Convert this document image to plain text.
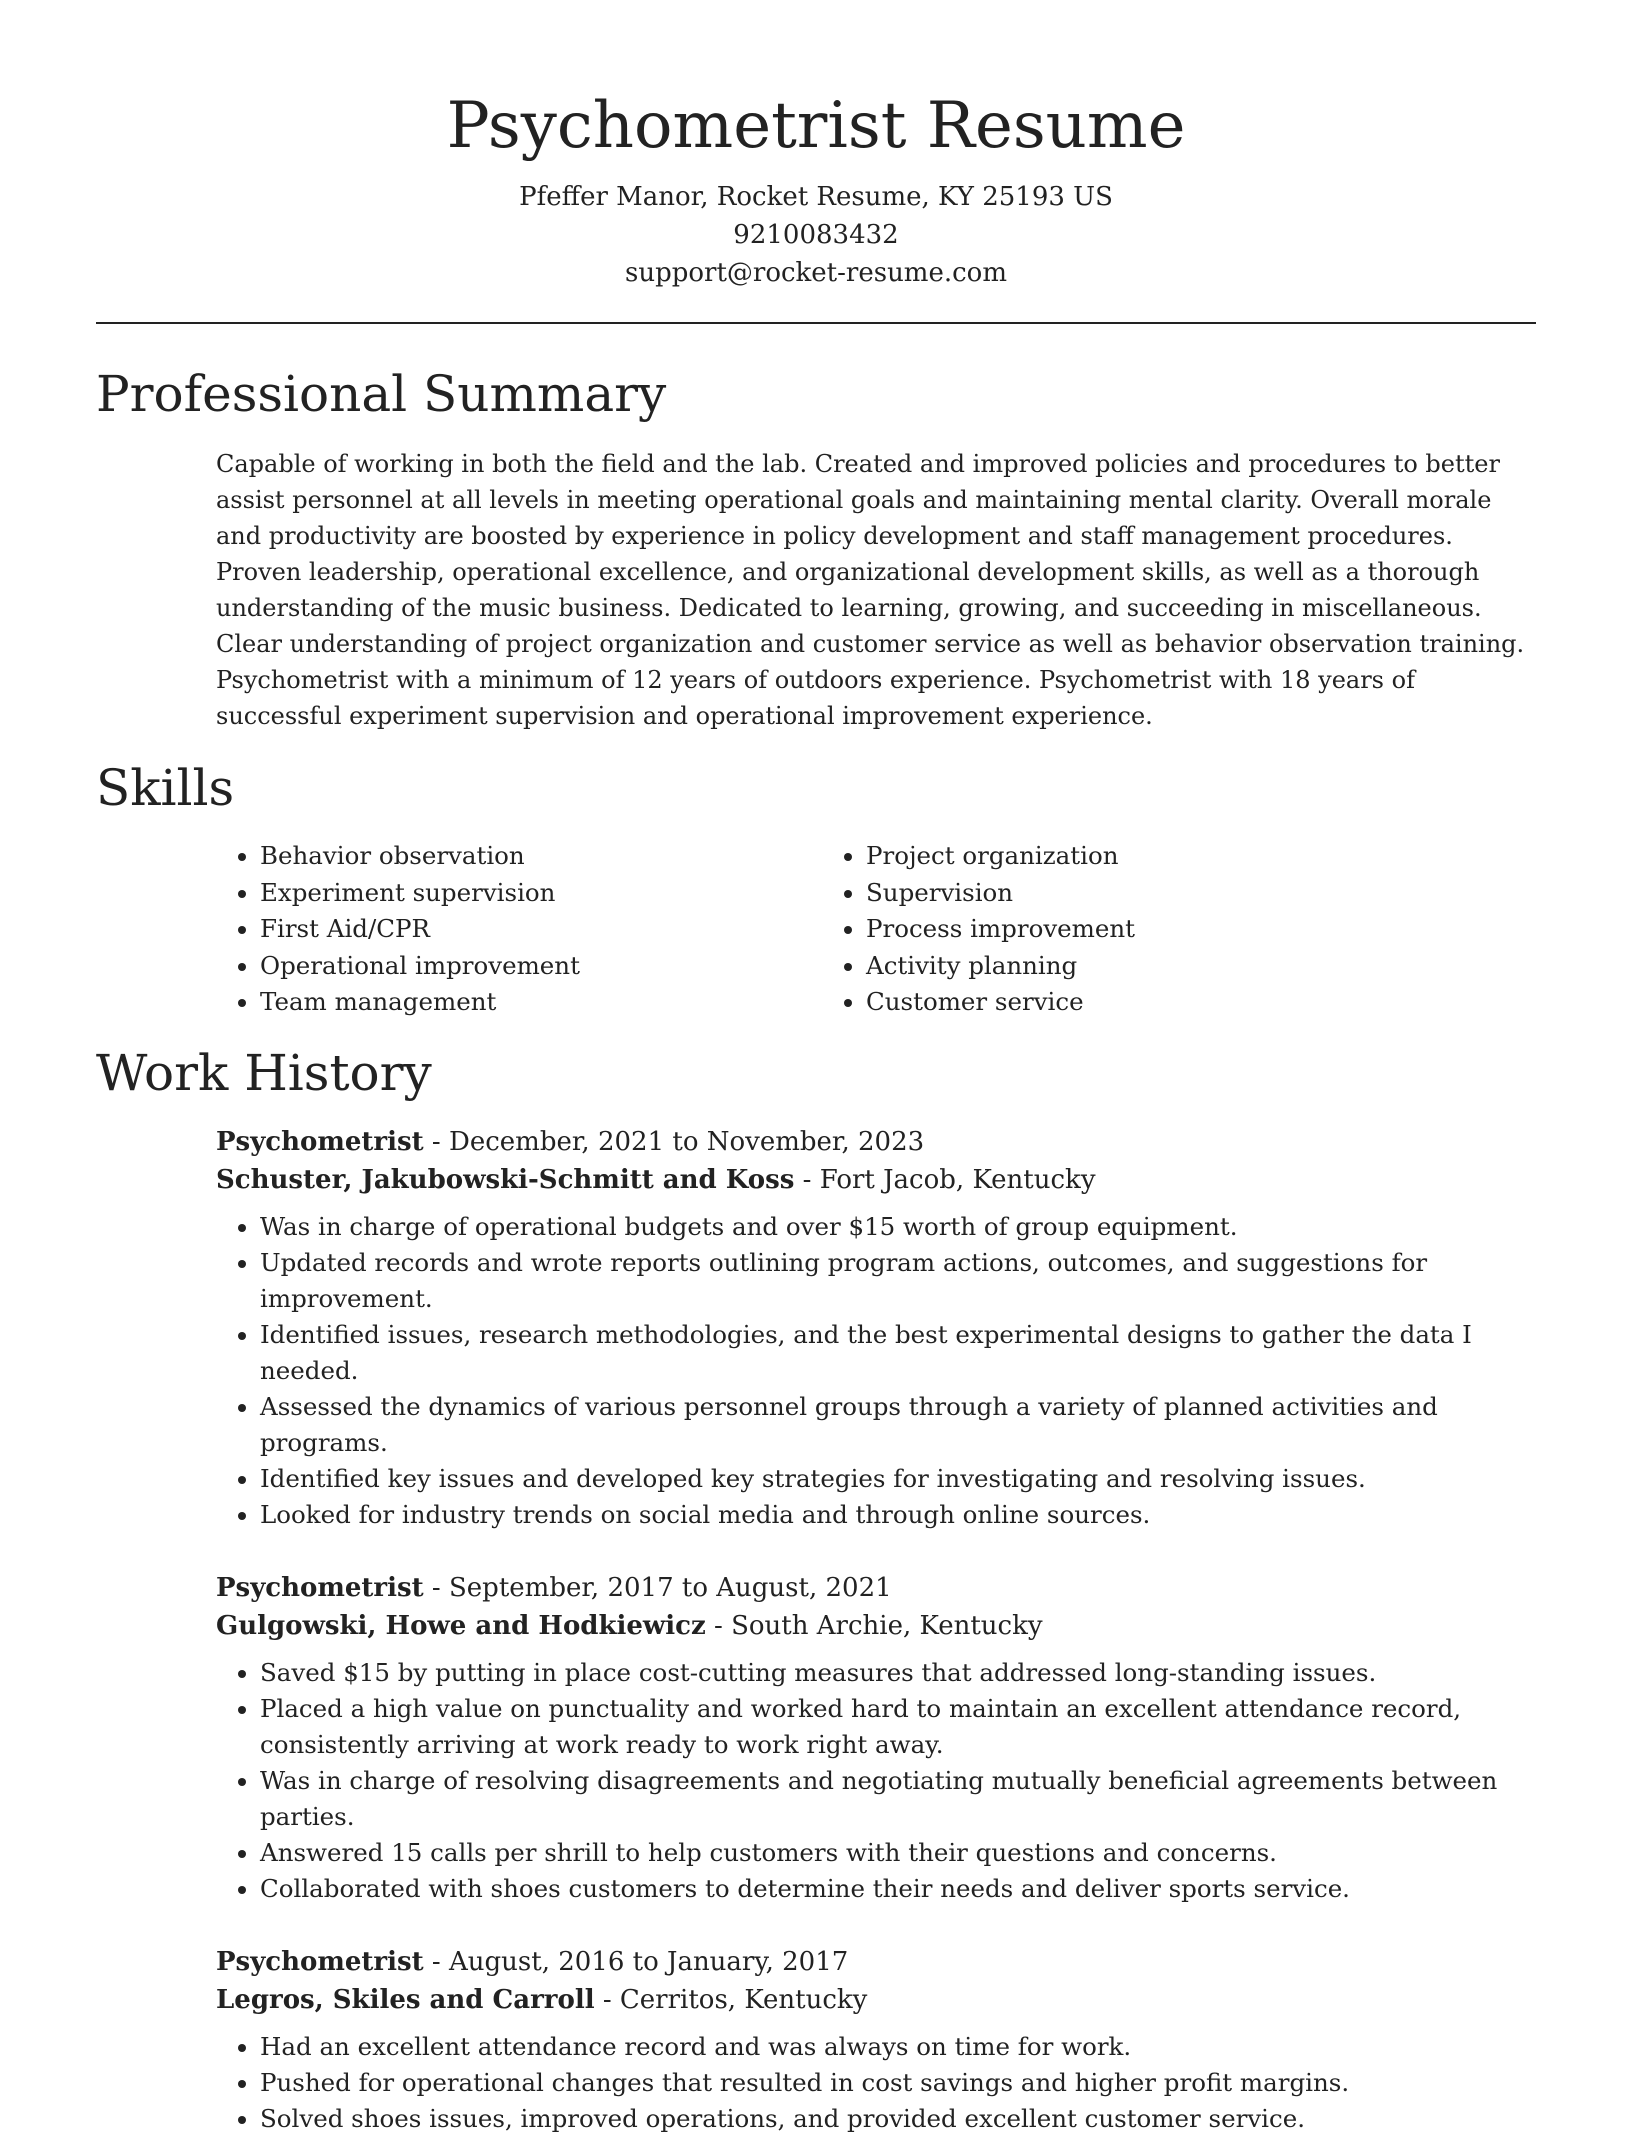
Psychometrist Resume
Pfeffer Manor, Rocket Resume, KY 25193 US
9210083432
support@rocket-resume.com
Professional Summary
Capable of working in both the field and the lab. Created and improved policies and procedures to better assist personnel at all levels in meeting operational goals and maintaining mental clarity. Overall morale and productivity are boosted by experience in policy development and staff management procedures. Proven leadership, operational excellence, and organizational development skills, as well as a thorough understanding of the music business. Dedicated to learning, growing, and succeeding in miscellaneous. Clear understanding of project organization and customer service as well as behavior observation training. Psychometrist with a minimum of 12 years of outdoors experience. Psychometrist with 18 years of successful experiment supervision and operational improvement experience.
Skills
• Behavior observation
• Experiment supervision
• First Aid/CPR
• Operational improvement
• Team management
• Project organization
• Supervision
• Process improvement
• Activity planning
• Customer service
Work History
Psychometrist - December, 2021 to November, 2023
Schuster, Jakubowski-Schmitt and Koss - Fort Jacob, Kentucky
• Was in charge of operational budgets and over $15 worth of group equipment.
• Updated records and wrote reports outlining program actions, outcomes, and suggestions for improvement.
• Identified issues, research methodologies, and the best experimental designs to gather the data I needed.
• Assessed the dynamics of various personnel groups through a variety of planned activities and programs.
• Identified key issues and developed key strategies for investigating and resolving issues.
• Looked for industry trends on social media and through online sources.
Psychometrist - September, 2017 to August, 2021
Gulgowski, Howe and Hodkiewicz - South Archie, Kentucky
• Saved $15 by putting in place cost-cutting measures that addressed long-standing issues.
• Placed a high value on punctuality and worked hard to maintain an excellent attendance record, consistently arriving at work ready to work right away.
• Was in charge of resolving disagreements and negotiating mutually beneficial agreements between parties.
• Answered 15 calls per shrill to help customers with their questions and concerns.
• Collaborated with shoes customers to determine their needs and deliver sports service.
Psychometrist - August, 2016 to January, 2017
Legros, Skiles and Carroll - Cerritos, Kentucky
• Had an excellent attendance record and was always on time for work.
• Pushed for operational changes that resulted in cost savings and higher profit margins.
• Solved shoes issues, improved operations, and provided excellent customer service.
